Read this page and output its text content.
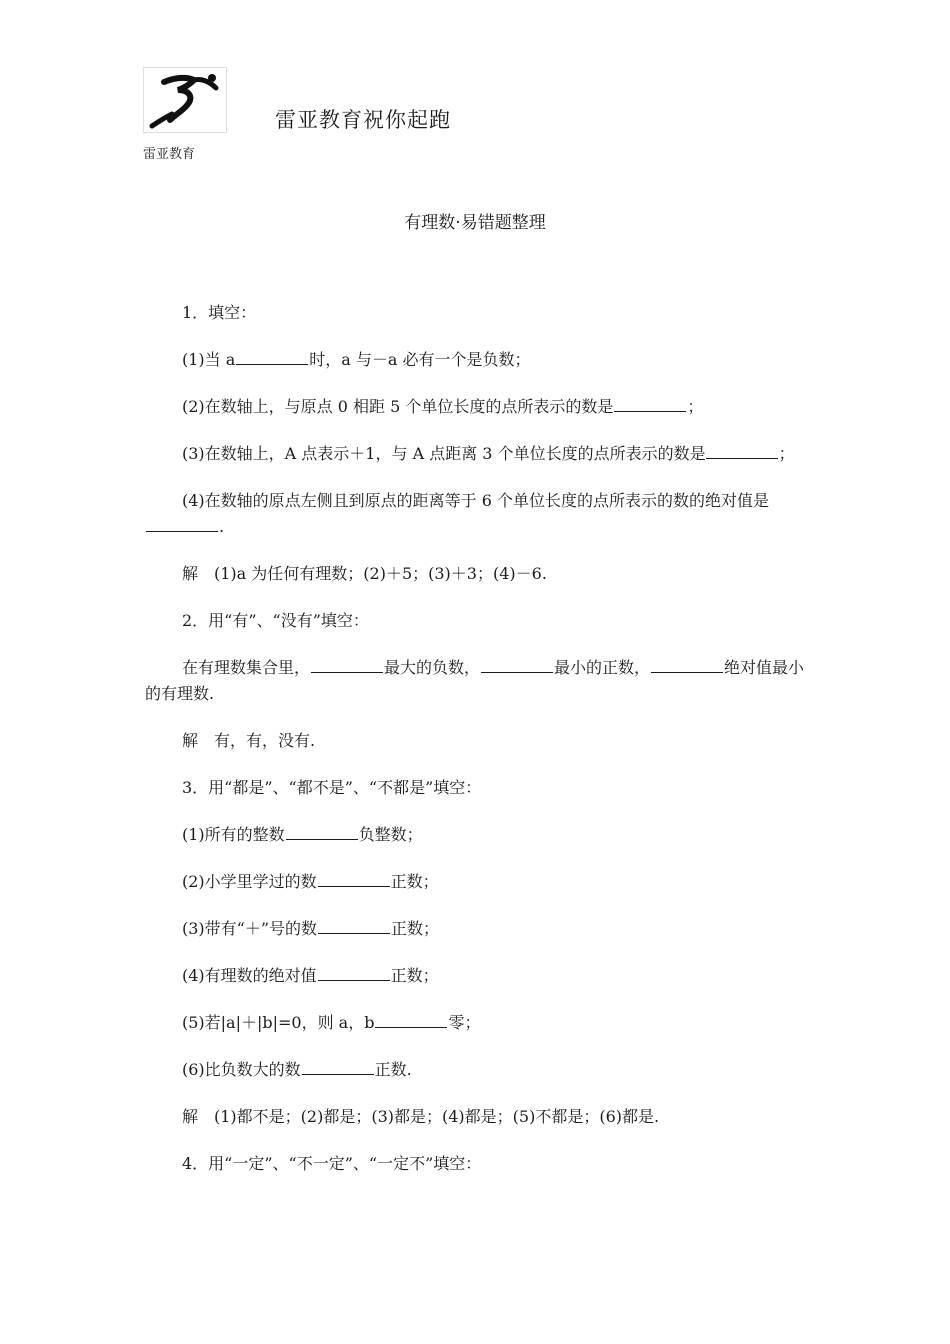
雷亚教育
雷亚教育祝你起跑
有理数·易错题整理

1．填空：

(1)当 a	时，a 与－a 必有一个是负数；

(2)在数轴上，与原点 0 相距 5 个单位长度的点所表示的数是	；

(3)在数轴上，A 点表示＋1，与 A 点距离 3 个单位长度的点所表示的数是	；

(4)在数轴的原点左侧且到原点的距离等于 6 个单位长度的点所表示的数的绝对值是.

解　(1)a 为任何有理数；(2)＋5；(3)＋3；(4)－6.

2．用“有”、“没有”填空：

在有理数集合里，	最大的负数，	最小的正数，	绝对值最小的有理数.

解　有，有，没有.

3．用“都是”、“都不是”、“不都是”填空：

(1)所有的整数	负整数；

(2)小学里学过的数	正数；

(3)带有“＋”号的数	正数；

(4)有理数的绝对值	正数；

(5)若|a|＋|b|=0，则 a，b	零；

(6)比负数大的数	正数.

解　(1)都不是；(2)都是；(3)都是；(4)都是；(5)不都是；(6)都是.

4．用“一定”、“不一定”、“一定不”填空：
